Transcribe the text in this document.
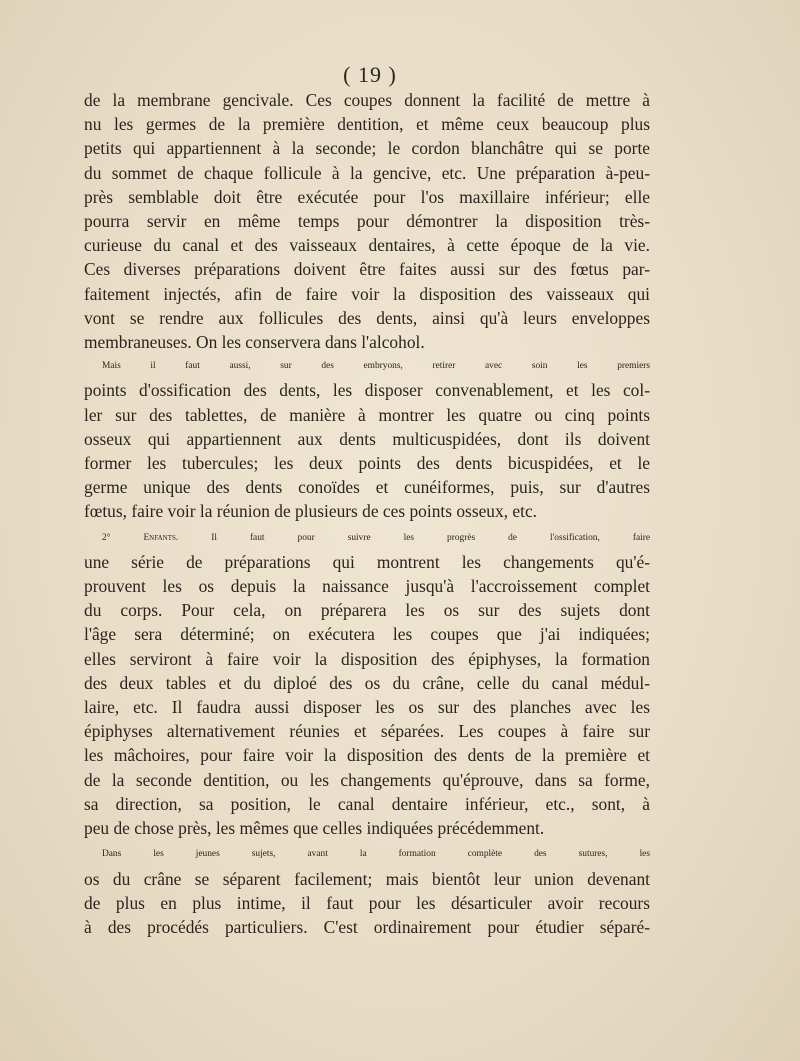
( 19 )
de la membrane gencivale. Ces coupes donnent la facilité de mettre à
nu les germes de la première dentition, et même ceux beaucoup plus
petits qui appartiennent à la seconde; le cordon blanchâtre qui se porte
du sommet de chaque follicule à la gencive, etc. Une préparation à-peu-
près semblable doit être exécutée pour l'os maxillaire inférieur; elle
pourra servir en même temps pour démontrer la disposition très-
curieuse du canal et des vaisseaux dentaires, à cette époque de la vie.
Ces diverses préparations doivent être faites aussi sur des fœtus par-
faitement injectés, afin de faire voir la disposition des vaisseaux qui
vont se rendre aux follicules des dents, ainsi qu'à leurs enveloppes
membraneuses. On les conservera dans l'alcohol.
Mais il faut aussi, sur des embryons, retirer avec soin les premiers
points d'ossification des dents, les disposer convenablement, et les col-
ler sur des tablettes, de manière à montrer les quatre ou cinq points
osseux qui appartiennent aux dents multicuspidées, dont ils doivent
former les tubercules; les deux points des dents bicuspidées, et le
germe unique des dents conoïdes et cunéiformes, puis, sur d'autres
fœtus, faire voir la réunion de plusieurs de ces points osseux, etc.
2° Enfants. Il faut pour suivre les progrès de l'ossification, faire
une série de préparations qui montrent les changements qu'é-
prouvent les os depuis la naissance jusqu'à l'accroissement complet
du corps. Pour cela, on préparera les os sur des sujets dont
l'âge sera déterminé; on exécutera les coupes que j'ai indiquées;
elles serviront à faire voir la disposition des épiphyses, la formation
des deux tables et du diploé des os du crâne, celle du canal médul-
laire, etc. Il faudra aussi disposer les os sur des planches avec les
épiphyses alternativement réunies et séparées. Les coupes à faire sur
les mâchoires, pour faire voir la disposition des dents de la première et
de la seconde dentition, ou les changements qu'éprouve, dans sa forme,
sa direction, sa position, le canal dentaire inférieur, etc., sont, à
peu de chose près, les mêmes que celles indiquées précédemment.
Dans les jeunes sujets, avant la formation complète des sutures, les
os du crâne se séparent facilement; mais bientôt leur union devenant
de plus en plus intime, il faut pour les désarticuler avoir recours
à des procédés particuliers. C'est ordinairement pour étudier séparé-
